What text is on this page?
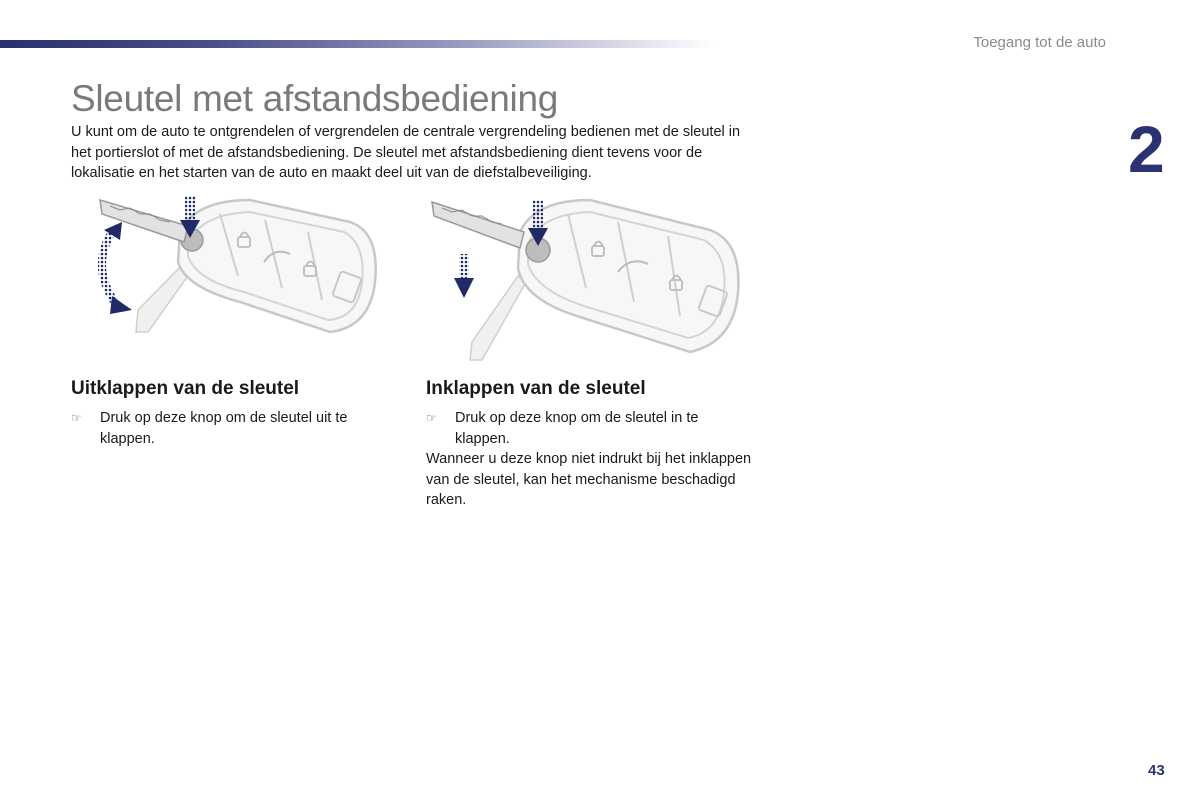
Toegang tot de auto
2
Sleutel met afstandsbediening

U kunt om de auto te ontgrendelen of vergrendelen de centrale vergrendeling bedienen met de sleutel in het portierslot of met de afstandsbediening. De sleutel met afstandsbediening dient tevens voor de lokalisatie en het starten van de auto en maakt deel uit van de diefstalbeveiliging.

Uitklappen van de sleutel
☞ Druk op deze knop om de sleutel uit te klappen.
Inklappen van de sleutel
☞ Druk op deze knop om de sleutel in te klappen.

Wanneer u deze knop niet indrukt bij het inklappen van de sleutel, kan het mechanisme beschadigd raken.

43
